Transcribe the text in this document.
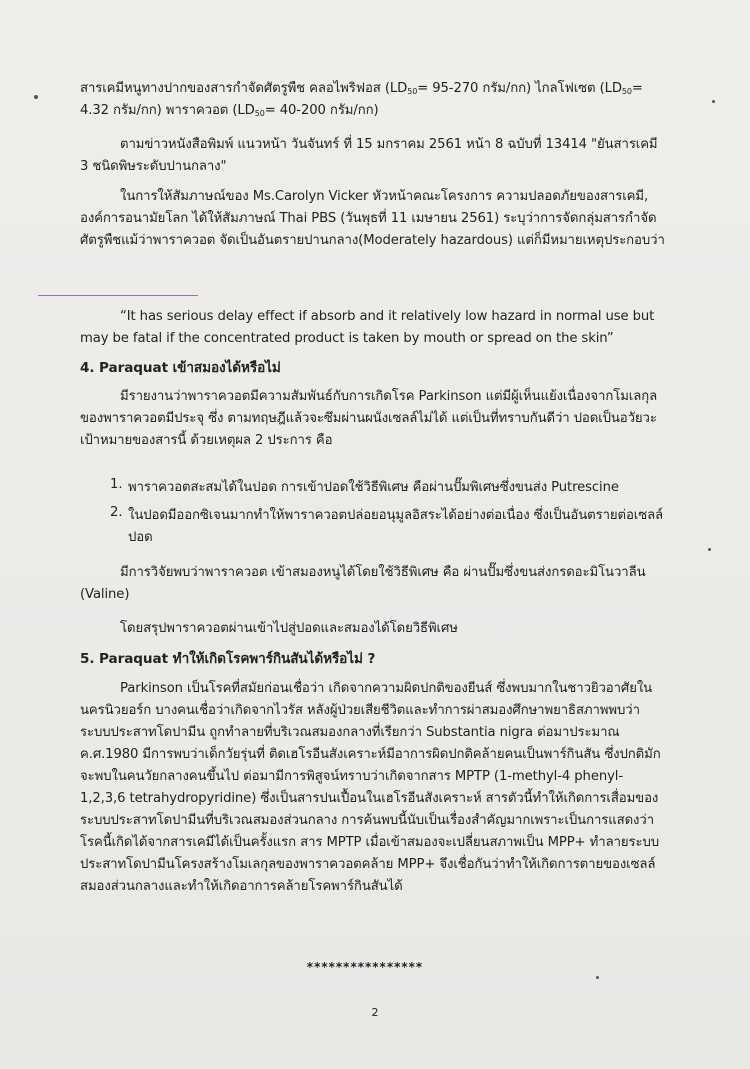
สารเคมีหนูทางปากของสารกำจัดศัตรูพืช คลอไพริฟอส ($LD_{50}= 95-270$ กรัม/กก) ไกลโฟเซต ($LD_{50}= 4.32$ กรัม/กก) พาราควอต ($LD_{50}= 40-200$ กรัม/กก)

ตามข่าวหนังสือพิมพ์ แนวหน้า วันจันทร์ ที่ 15 มกราคม 2561 หน้า 8 ฉบับที่ 13414 "ยันสารเคมี 3 ชนิดพิษระดับปานกลาง"

ในการให้สัมภาษณ์ของ Ms.Carolyn Vicker หัวหน้าคณะโครงการ ความปลอดภัยของสารเคมี, องค์การอนามัยโลก ได้ให้สัมภาษณ์ Thai PBS (วันพุธที่ 11 เมษายน 2561) ระบุว่าการจัดกลุ่มสารกำจัดศัตรูพืชแม้ว่าพาราควอต จัดเป็นอันตรายปานกลาง(Moderately hazardous) แต่ก็มีหมายเหตุประกอบว่า

“It has serious delay effect if absorb and it relatively low hazard in normal use but may be fatal if the concentrated product is taken by mouth or spread on the skin”

4. Paraquat เข้าสมองได้หรือไม่

มีรายงานว่าพาราควอตมีความสัมพันธ์กับการเกิดโรค Parkinson แต่มีผู้เห็นแย้งเนื่องจากโมเลกุลของพาราควอตมีประจุ ซึ่ง ตามทฤษฎีแล้วจะซึมผ่านผนังเซลล์ไม่ได้ แต่เป็นที่ทราบกันดีว่า ปอดเป็นอวัยวะเป้าหมายของสารนี้ ด้วยเหตุผล 2 ประการ คือ

1. พาราควอตสะสมได้ในปอด การเข้าปอดใช้วิธีพิเศษ คือผ่านปั๊มพิเศษซึ่งขนส่ง Putrescine

2. ในปอดมีออกซิเจนมากทำให้พาราควอตปล่อยอนุมูลอิสระได้อย่างต่อเนื่อง ซึ่งเป็นอันตรายต่อเซลล์ปอด

มีการวิจัยพบว่าพาราควอต เข้าสมองหนูได้โดยใช้วิธีพิเศษ คือ ผ่านปั๊มซึ่งขนส่งกรดอะมิโนวาลีน (Valine)

โดยสรุปพาราควอตผ่านเข้าไปสู่ปอดและสมองได้โดยวิธีพิเศษ

5. Paraquat ทำให้เกิดโรคพาร์กินสันได้หรือไม่ ?

Parkinson เป็นโรคที่สมัยก่อนเชื่อว่า เกิดจากความผิดปกติของยีนส์ ซึ่งพบมากในชาวยิวอาศัยในนครนิวยอร์ก บางคนเชื่อว่าเกิดจากไวรัส หลังผู้ป่วยเสียชีวิตและทำการผ่าสมองศึกษาพยาธิสภาพพบว่าระบบประสาทโดปามีน ถูกทำลายที่บริเวณสมองกลางที่เรียกว่า Substantia nigra ต่อมาประมาณ ค.ศ.1980 มีการพบว่าเด็กวัยรุ่นที่ ติดเฮโรอีนสังเคราะห์มีอาการผิดปกติคล้ายคนเป็นพาร์กินสัน ซึ่งปกติมักจะพบในคนวัยกลางคนขึ้นไป ต่อมามีการพิสูจน์ทราบว่าเกิดจากสาร MPTP (1-methyl-4 phenyl-1,2,3,6 tetrahydropyridine) ซึ่งเป็นสารปนเปื้อนในเฮโรอีนสังเคราะห์ สารตัวนี้ทำให้เกิดการเสื่อมของระบบประสาทโดปามีนที่บริเวณสมองส่วนกลาง การค้นพบนี้นับเป็นเรื่องสำคัญมากเพราะเป็นการแสดงว่าโรคนี้เกิดได้จากสารเคมีได้เป็นครั้งแรก สาร MPTP เมื่อเข้าสมองจะเปลี่ยนสภาพเป็น MPP+ ทำลายระบบประสาทโดปามีนโครงสร้างโมเลกุลของพาราควอตคล้าย MPP+ จึงเชื่อกันว่าทำให้เกิดการตายของเซลล์สมองส่วนกลางและทำให้เกิดอาการคล้ายโรคพาร์กินสันได้

****************
2
